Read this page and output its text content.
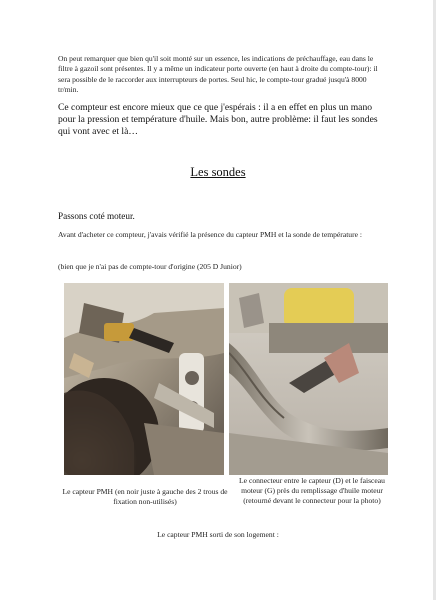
On peut remarquer que bien qu'il soit monté sur un essence, les indications de préchauffage, eau dans le filtre à gazoil sont présentes. Il y a même un indicateur porte ouverte (en haut à droite du compte-tour): il sera possible de le raccorder aux interrupteurs de portes. Seul hic, le compte-tour gradué jusqu'à 8000 tr/min.

Ce compteur est encore mieux que ce que j'espérais : il a en effet en plus un mano pour la pression et température d'huile. Mais bon, autre problème: il faut les sondes qui vont avec et là…

Les sondes

Passons coté moteur.

Avant d'acheter ce compteur, j'avais vérifié la présence du capteur PMH et la sonde de température :

(bien que je n'ai pas de compte-tour d'origine (205 D Junior)

Le capteur PMH (en noir juste à gauche des 2 trous de fixation non-utilisés)
Le connecteur entre le capteur (D) et le faisceau moteur (G) près du remplissage d'huile moteur (retourné devant le connecteur pour la photo)
Le capteur PMH sorti de son logement :
